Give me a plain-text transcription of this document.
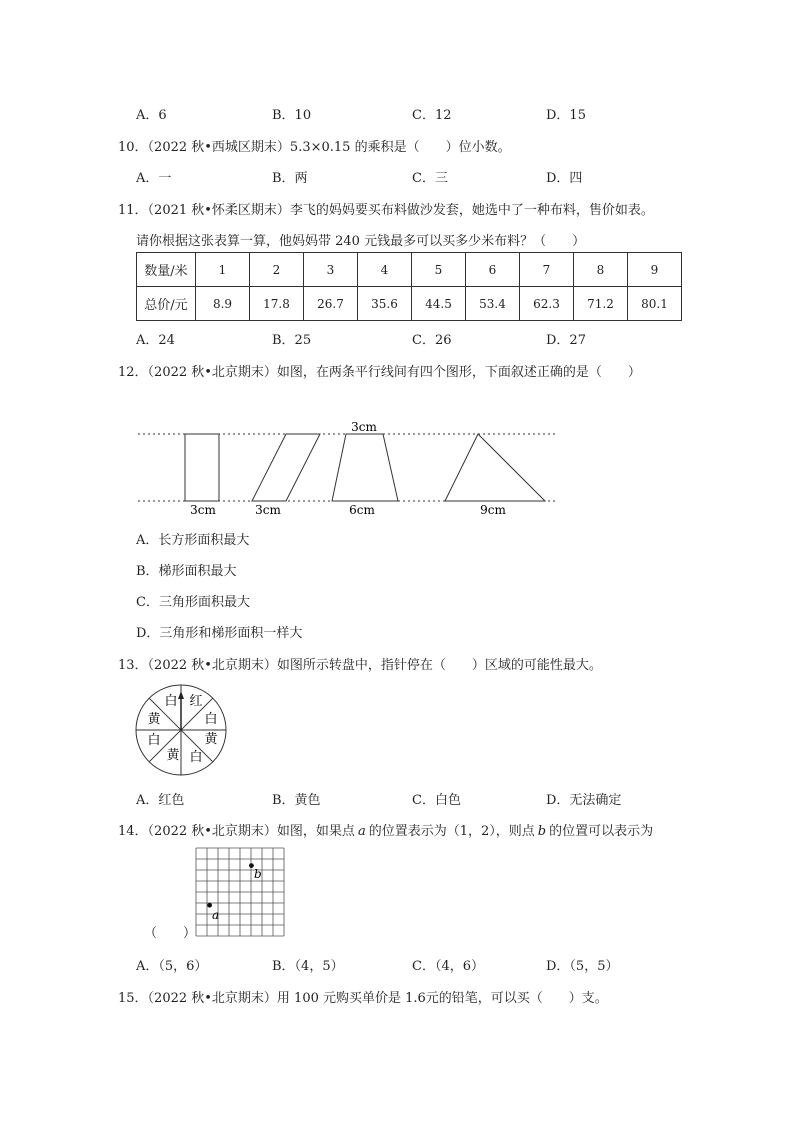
A．6	B．10	C．12	D．15
10．（2022 秋•西城区期末）5.3×0.15 的乘积是（　　）位小数。
A．一	B．两	C．三	D．四
11．（2021 秋•怀柔区期末）李飞的妈妈要买布料做沙发套，她选中了一种布料，售价如表。
请你根据这张表算一算，他妈妈带 240 元钱最多可以买多少米布料？（　　）
数量/米	1	2	3	4	5	6	7	8	9
总价/元	8.9	17.8	26.7	35.6	44.5	53.4	62.3	71.2	80.1
A．24	B．25	C．26	D．27
12．（2022 秋•北京期末）如图，在两条平行线间有四个图形，下面叙述正确的是（　　）
3cm	3cm
3cm
6cm	9cm
A．长方形面积最大
B．梯形面积最大
C．三角形面积最大
D．三角形和梯形面积一样大
13．（2022 秋•北京期末）如图所示转盘中，指针停在（　　）区域的可能性最大。
红
白
黄
白
黄
白
黄
白
A．红色	B．黄色	C．白色	D．无法确定
14．（2022 秋•北京期末）如图，如果点 a 的位置表示为（1，2），则点 b 的位置可以表示为
a
b
（　　）
A．（5，6）	B．（4，5）	C．（4，6）	D．（5，5）
15．（2022 秋•北京期末）用 100 元购买单价是 1.6元的铅笔，可以买（　　）支。
